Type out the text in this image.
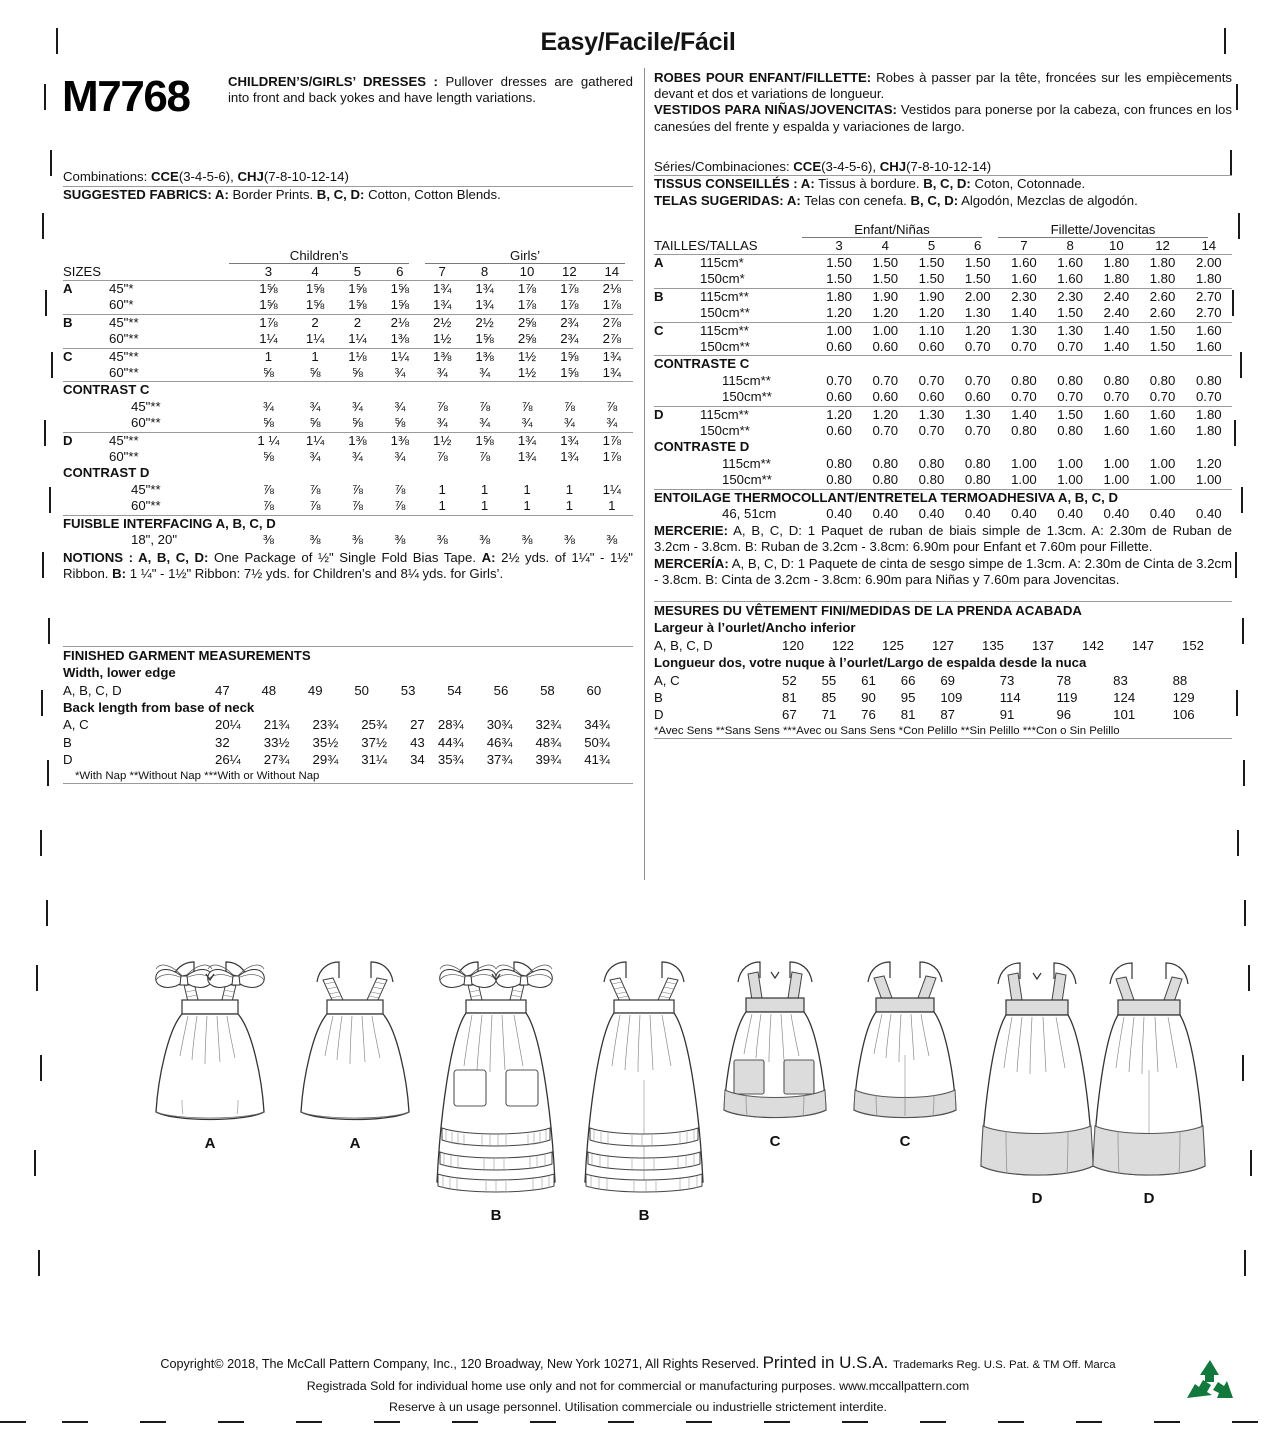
Easy/Facile/Fácil
M7768	CHILDREN’S/GIRLS’ DRESSES : Pullover dresses are gathered into front and back yokes and have length variations.
Combinations: CCE(3-4-5-6), CHJ(7-8-10-12-14)
SUGGESTED FABRICS: A: Border Prints. B, C, D: Cotton, Cotton Blends.
Children’s	Girls’
SIZES		3	4	5	6	7	8	10	12	14
A	45"*	1⅝	1⅝	1⅝	1⅝	1¾	1¾	1⅞	1⅞	2⅛
	60"*	1⅝	1⅝	1⅝	1⅝	1¾	1¾	1⅞	1⅞	1⅞
B	45"**	1⅞	2	2	2⅛	2½	2½	2⅝	2¾	2⅞
	60"**	1¼	1¼	1¼	1⅜	1½	1⅝	2⅝	2¾	2⅞
C	45"**	1	1	1⅛	1¼	1⅜	1⅜	1½	1⅝	1¾
	60"**	⅝	⅝	⅝	¾	¾	¾	1½	1⅝	1¾
CONTRAST C										
	45"**	¾	¾	¾	¾	⅞	⅞	⅞	⅞	⅞
	60"**	⅝	⅝	⅝	⅝	¾	¾	¾	¾	¾
D	45"**	1 ¼	1¼	1⅜	1⅜	1½	1⅝	1¾	1¾	1⅞
	60"**	⅝	¾	¾	¾	⅞	⅞	1¾	1¾	1⅞
CONTRAST D										
	45"**	⅞	⅞	⅞	⅞	1	1	1	1	1¼
	60"**	⅞	⅞	⅞	⅞	1	1	1	1	1
FUISBLE INTERFACING A, B, C, D										
	18", 20"	⅜	⅜	⅜	⅜	⅜	⅜	⅜	⅜	⅜
NOTIONS : A, B, C, D: One Package of ½" Single Fold Bias Tape. A: 2½ yds. of 1¼" - 1½" Ribbon. B: 1 ¼" - 1½" Ribbon: 7½ yds. for Children’s and 8¼ yds. for Girls’.
FINISHED GARMENT MEASUREMENTS
Width, lower edge
A, B, C, D	47	48	49	50	53	54	56	58	60
Back length from base of neck
A, C	20¼	21¾	23¾	25¾	27	28¾	30¾	32¾	34¾
B	32	33½	35½	37½	43	44¾	46¾	48¾	50¾
D	26¼	27¾	29¾	31¼	34	35¾	37¾	39¾	41¾
*With Nap **Without Nap ***With or Without Nap
ROBES POUR ENFANT/FILLETTE: Robes à passer par la tête, froncées sur les empiècements devant et dos et variations de longueur.
VESTIDOS PARA NIÑAS/JOVENCITAS: Vestidos para ponerse por la cabeza, con frunces en los canesúes del frente y espalda y variaciones de largo.
Séries/Combinaciones: CCE(3-4-5-6), CHJ(7-8-10-12-14)
TISSUS CONSEILLÉS : A: Tissus à bordure. B, C, D: Coton, Cotonnade.
TELAS SUGERIDAS: A: Telas con cenefa. B, C, D: Algodón, Mezclas de algodón.
Enfant/Niñas	Fillette/Jovencitas
TAILLES/TALLAS		3	4	5	6	7	8	10	12	14
A	115cm*	1.50	1.50	1.50	1.50	1.60	1.60	1.80	1.80	2.00
	150cm*	1.50	1.50	1.50	1.50	1.60	1.60	1.80	1.80	1.80
B	115cm**	1.80	1.90	1.90	2.00	2.30	2.30	2.40	2.60	2.70
	150cm**	1.20	1.20	1.20	1.30	1.40	1.50	2.40	2.60	2.70
C	115cm**	1.00	1.00	1.10	1.20	1.30	1.30	1.40	1.50	1.60
	150cm**	0.60	0.60	0.60	0.70	0.70	0.70	1.40	1.50	1.60
CONTRASTE C										
	115cm**	0.70	0.70	0.70	0.70	0.80	0.80	0.80	0.80	0.80
	150cm**	0.60	0.60	0.60	0.60	0.70	0.70	0.70	0.70	0.70
D	115cm**	1.20	1.20	1.30	1.30	1.40	1.50	1.60	1.60	1.80
	150cm**	0.60	0.70	0.70	0.70	0.80	0.80	1.60	1.60	1.80
CONTRASTE D										
	115cm**	0.80	0.80	0.80	0.80	1.00	1.00	1.00	1.00	1.20
	150cm**	0.80	0.80	0.80	0.80	1.00	1.00	1.00	1.00	1.00
ENTOILAGE THERMOCOLLANT/ENTRETELA TERMOADHESIVA A, B, C, D										
	46, 51cm	0.40	0.40	0.40	0.40	0.40	0.40	0.40	0.40	0.40
MERCERIE: A, B, C, D: 1 Paquet de ruban de biais simple de 1.3cm. A: 2.30m de Ruban de 3.2cm - 3.8cm. B: Ruban de 3.2cm - 3.8cm: 6.90m pour Enfant et 7.60m pour Fillette.
MERCERÍA: A, B, C, D: 1 Paquete de cinta de sesgo simpe de 1.3cm. A: 2.30m de Cinta de 3.2cm - 3.8cm. B: Cinta de 3.2cm - 3.8cm: 6.90m para Niñas y 7.60m para Jovencitas.
MESURES DU VÊTEMENT FINI/MEDIDAS DE LA PRENDA ACABADA
Largeur à l’ourlet/Ancho inferior
A, B, C, D	120	122	125	127	135	137	142	147	152
Longueur dos, votre nuque à l’ourlet/Largo de espalda desde la nuca
A, C	52	55	61	66	69	73	78	83	88
B	81	85	90	95	109	114	119	124	129
D	67	71	76	81	87	91	96	101	106
*Avec Sens **Sans Sens ***Avec ou Sans Sens *Con Pelillo **Sin Pelillo ***Con o Sin Pelillo
A	A
B	B
C	C
D	D
Copyright© 2018, The McCall Pattern Company, Inc., 120 Broadway, New York 10271, All Rights Reserved. Printed in U.S.A. Trademarks Reg. U.S. Pat. & TM Off. Marca
Registrada Sold for individual home use only and not for commercial or manufacturing purposes. www.mccallpattern.com
Reserve à un usage personnel. Utilisation commerciale ou industrielle strictement interdite.
